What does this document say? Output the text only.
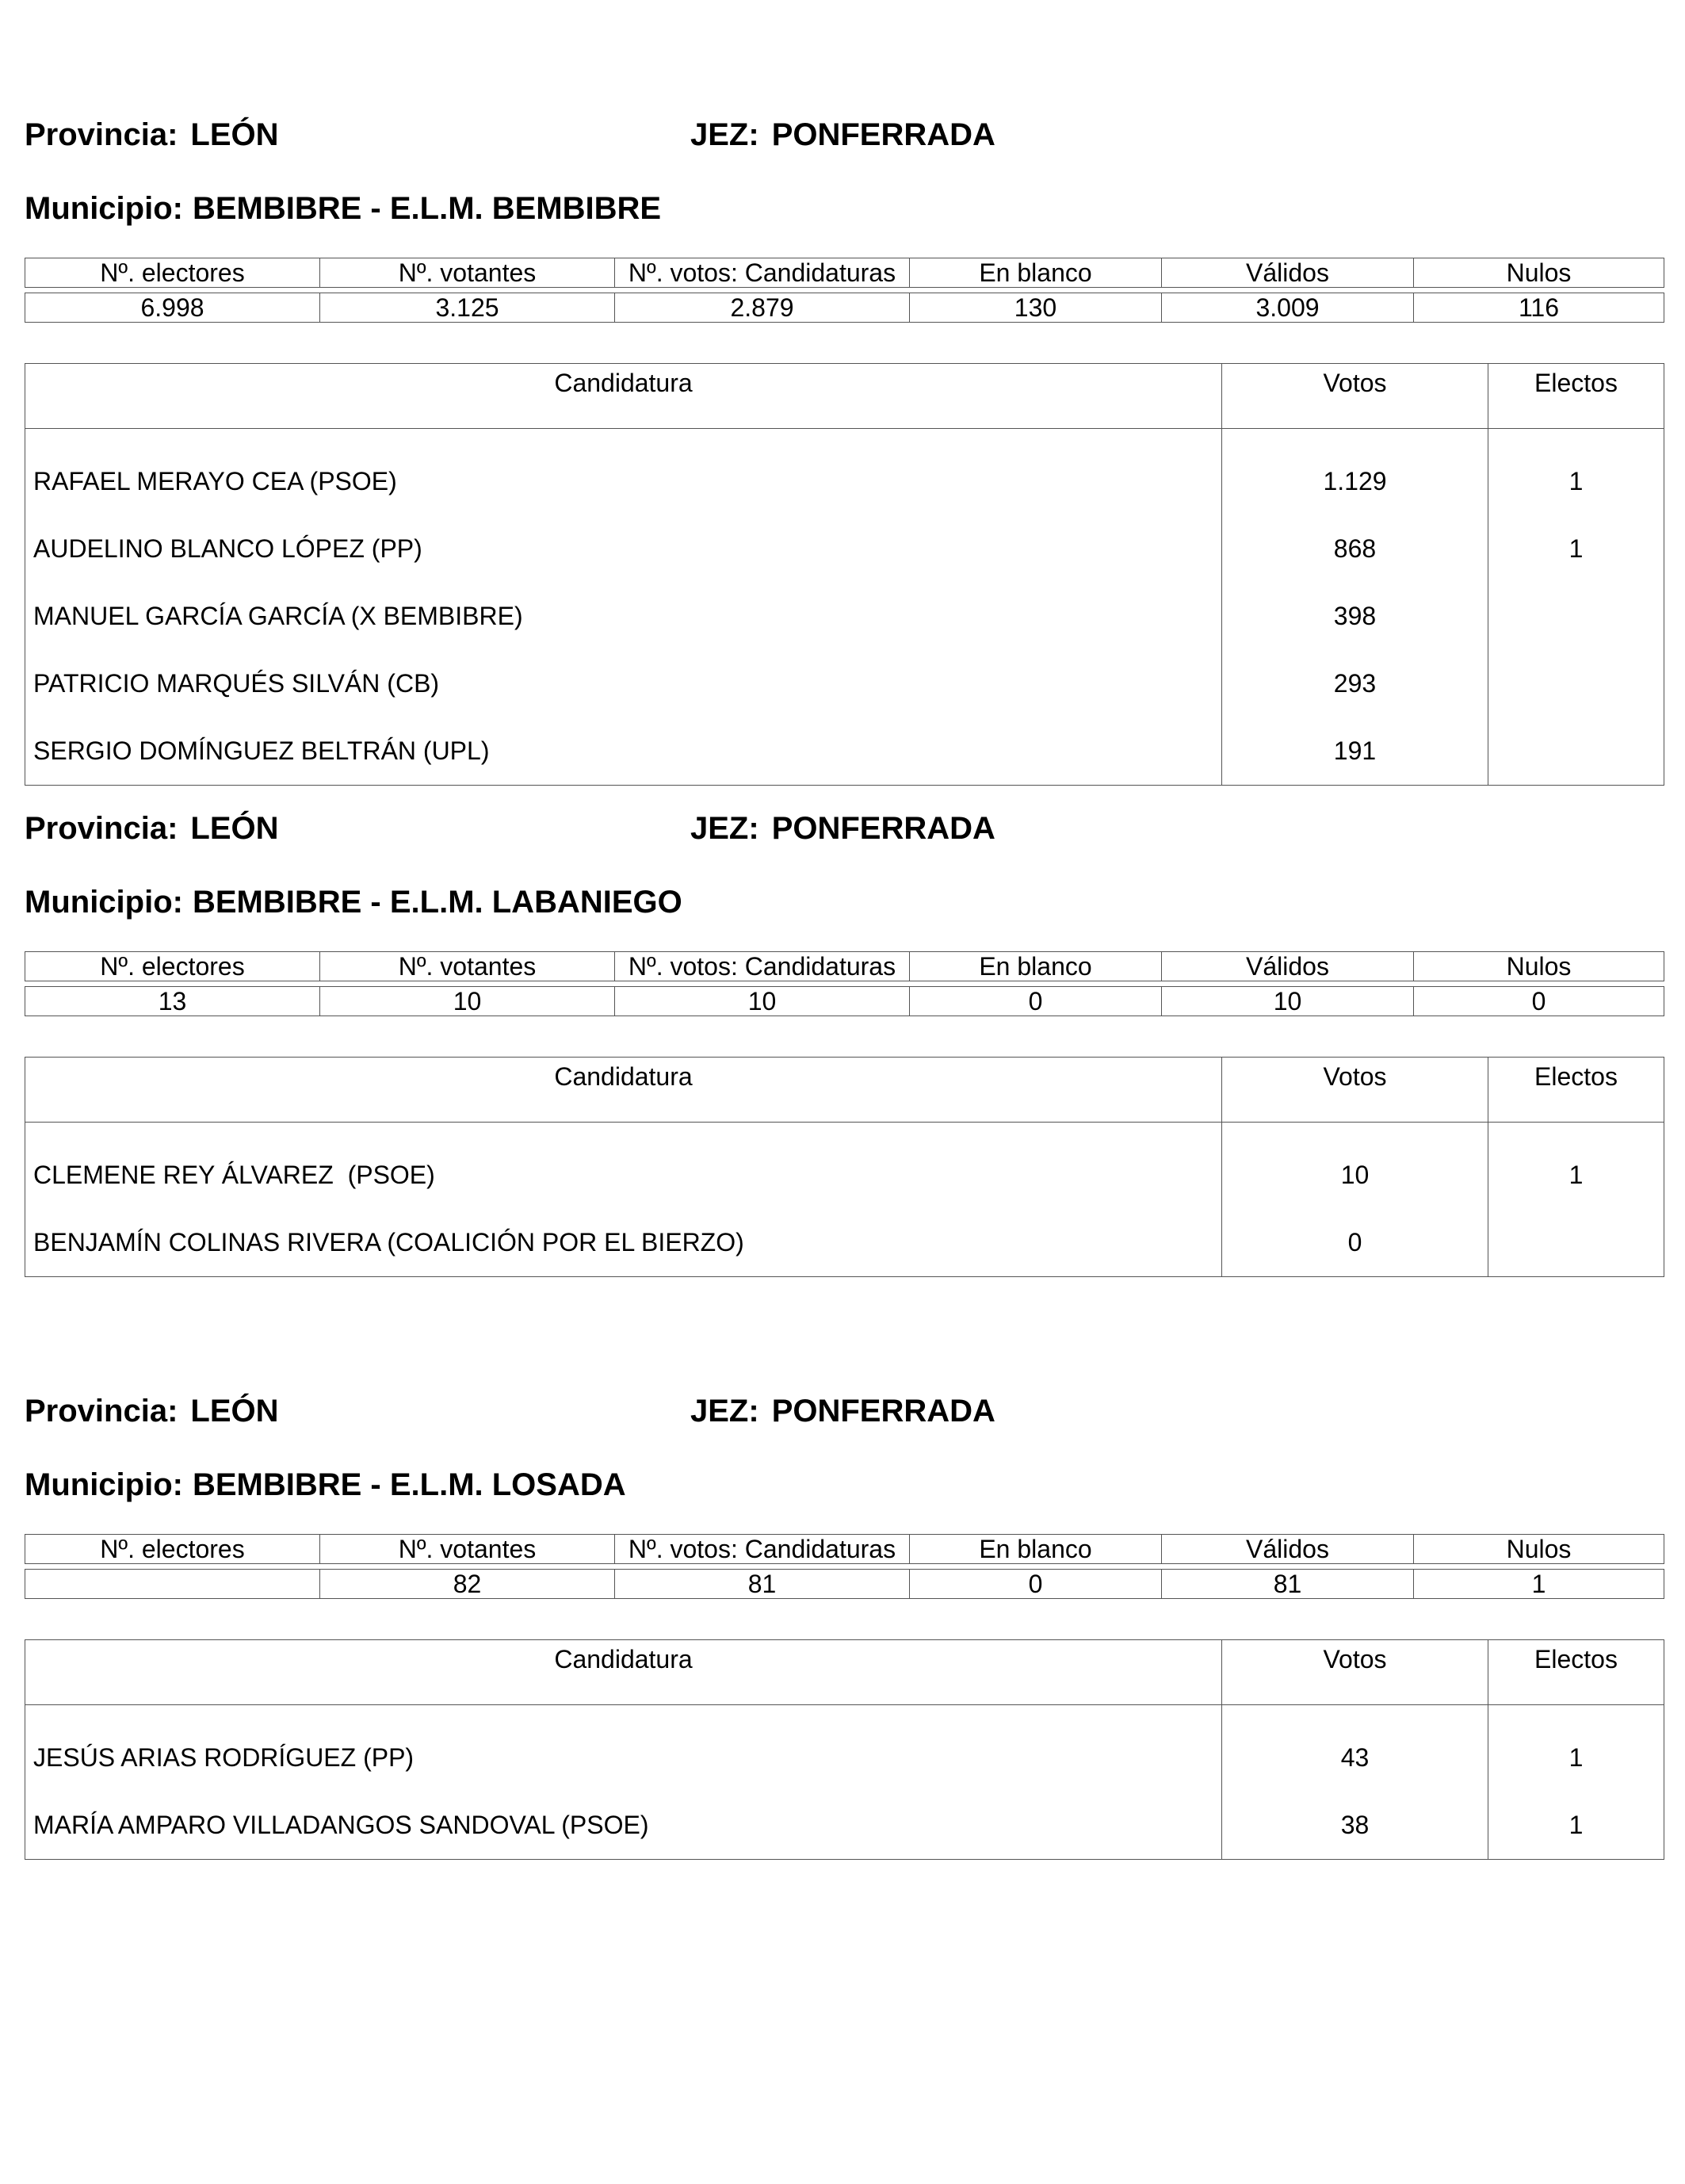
Provincia: LEÓN	JEZ: PONFERRADA
Municipio: BEMBIBRE - E.L.M. BEMBIBRE
Nº. electores	Nº. votantes	Nº. votos: Candidaturas	En blanco	Válidos	Nulos

6.998	3.125	2.879	130	3.009	116
Candidatura	Votos	Electos
RAFAEL MERAYO CEA (PSOE)	1.129	1
AUDELINO BLANCO LÓPEZ (PP)	868	1
MANUEL GARCÍA GARCÍA (X BEMBIBRE)	398	
PATRICIO MARQUÉS SILVÁN (CB)	293	
SERGIO DOMÍNGUEZ BELTRÁN (UPL)	191	
Provincia: LEÓN	JEZ: PONFERRADA
Municipio: BEMBIBRE - E.L.M. LABANIEGO
Nº. electores	Nº. votantes	Nº. votos: Candidaturas	En blanco	Válidos	Nulos

13	10	10	0	10	0
Candidatura	Votos	Electos
CLEMENE REY ÁLVAREZ  (PSOE)	10	1
BENJAMÍN COLINAS RIVERA (COALICIÓN POR EL BIERZO)	0	
Provincia: LEÓN	JEZ: PONFERRADA
Municipio: BEMBIBRE - E.L.M. LOSADA
Nº. electores	Nº. votantes	Nº. votos: Candidaturas	En blanco	Válidos	Nulos

	82	81	0	81	1
Candidatura	Votos	Electos
JESÚS ARIAS RODRÍGUEZ (PP)	43	1
MARÍA AMPARO VILLADANGOS SANDOVAL (PSOE)	38	1
